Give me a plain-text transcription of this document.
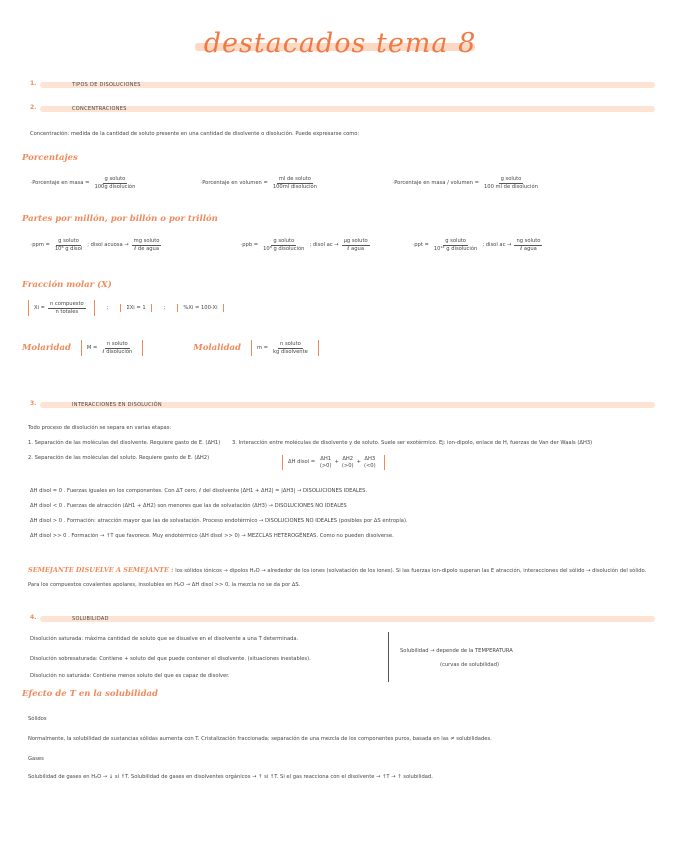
destacados tema 8
1.	TIPOS DE DISOLUCIONES
2.	CONCENTRACIONES
Concentración: medida de la cantidad de soluto presente en una cantidad de disolvente o disolución. Puede expresarse como:
Porcentajes
· Porcentaje en masa = $\frac{\text{g soluto}}{\text{100g disolución}}$	· Porcentaje en volumen = $\frac{\text{ml de soluto}}{\text{100ml disolución}}$	· Porcentaje en masa / volumen = $\frac{\text{g soluto}}{\text{100 ml de disolución}}$
Partes por millón, por billón o por trillón
· ppm = $\frac{\text{g soluto}}{\text{10⁶ g disol}}$ ; disol acuosa → $\frac{\text{mg soluto}}{\text{ℓ de agua}}$	· ppb = $\frac{\text{g soluto}}{\text{10⁹ g disolución}}$ ; disol ac → $\frac{\text{µg soluto}}{\text{ℓ agua}}$	· ppt = $\frac{\text{g soluto}}{\text{10¹² g disolución}}$ ; disol ac → $\frac{\text{ng soluto}}{\text{ℓ agua}}$
Fracción molar (X)
$Xi = \frac{\text{n compuesto}}{\text{n totales}}$	;	ΣXi = 1	;	%Xi = 100·Xi
Molaridad	$M = \frac{\text{n soluto}}{\text{ℓ disolución}}$	Molalidad	$m = \frac{\text{n soluto}}{\text{kg disolvente}}$
3.	INTERACCIONES EN DISOLUCIÓN
Todo proceso de disolución se separa en varias etapas:
1. Separación de las moléculas del disolvente. Requiere gasto de E. (ΔH1) 3. Interacción entre moléculas de disolvente y de soluto. Suele ser exotérmico. Ej: ion-dipolo, enlace de H, fuerzas de Van der Waals (ΔH3)
2. Separación de las moléculas del soluto. Requiere gasto de E. (ΔH2)
ΔH disol =

ΔH1
(>0)
+
ΔH2
(>0)
+
ΔH3
(<0)
ΔH disol = 0 . Fuerzas iguales en los componentes. Con ∆T cero, ℓ del disolvente |ΔH1 + ΔH2| = |ΔH3| → DISOLUCIONES IDEALES.
ΔH disol < 0 . Fuerzas de atracción (ΔH1 + ΔH2) son menores que las de solvatación (ΔH3) → DISOLUCIONES NO IDEALES
ΔH disol > 0 . Formación: atracción mayor que las de solvatación. Proceso endotérmico → DISOLUCIONES NO IDEALES (posibles por ∆S entropía).
ΔH disol >> 0 . Formación → ↑T que favorece. Muy endotérmico (ΔH disol >> 0) → MEZCLAS HETEROGÉNEAS. Como no pueden disolverse.
SEMEJANTE DISUELVE A SEMEJANTE : los sólidos iónicos → dipolos H₂O → alrededor de los iones (solvatación de los iones). Si las fuerzas ion-dipolo superan las E atracción, interacciones del sólido → disolución del sólido.
Para los compuestos covalentes apolares, insolubles en H₂O → ΔH disol >> 0, la mezcla no se da por ∆S.
4.	SOLUBILIDAD
Disolución saturada: máxima cantidad de soluto que se disuelve en el disolvente a una T determinada.
Disolución sobresaturada: Contiene + soluto del que puede contener el disolvente. (situaciones inestables).
Disolución no saturada: Contiene menos soluto del que es capaz de disolver.
Solubilidad → depende de la TEMPERATURA
(curvas de solubilidad)
Efecto de T en la solubilidad
Sólidos
Normalmente, la solubilidad de sustancias sólidas aumenta con T. Cristalización fraccionada: separación de una mezcla de los componentes puros, basada en las ≠ solubilidades.
Gases
Solubilidad de gases en H₂O → ↓ si ↑T. Solubilidad de gases en disolventes orgánicos → ↑ si ↑T. Si el gas reacciona con el disolvente → ↑T → ↑ solubilidad.
